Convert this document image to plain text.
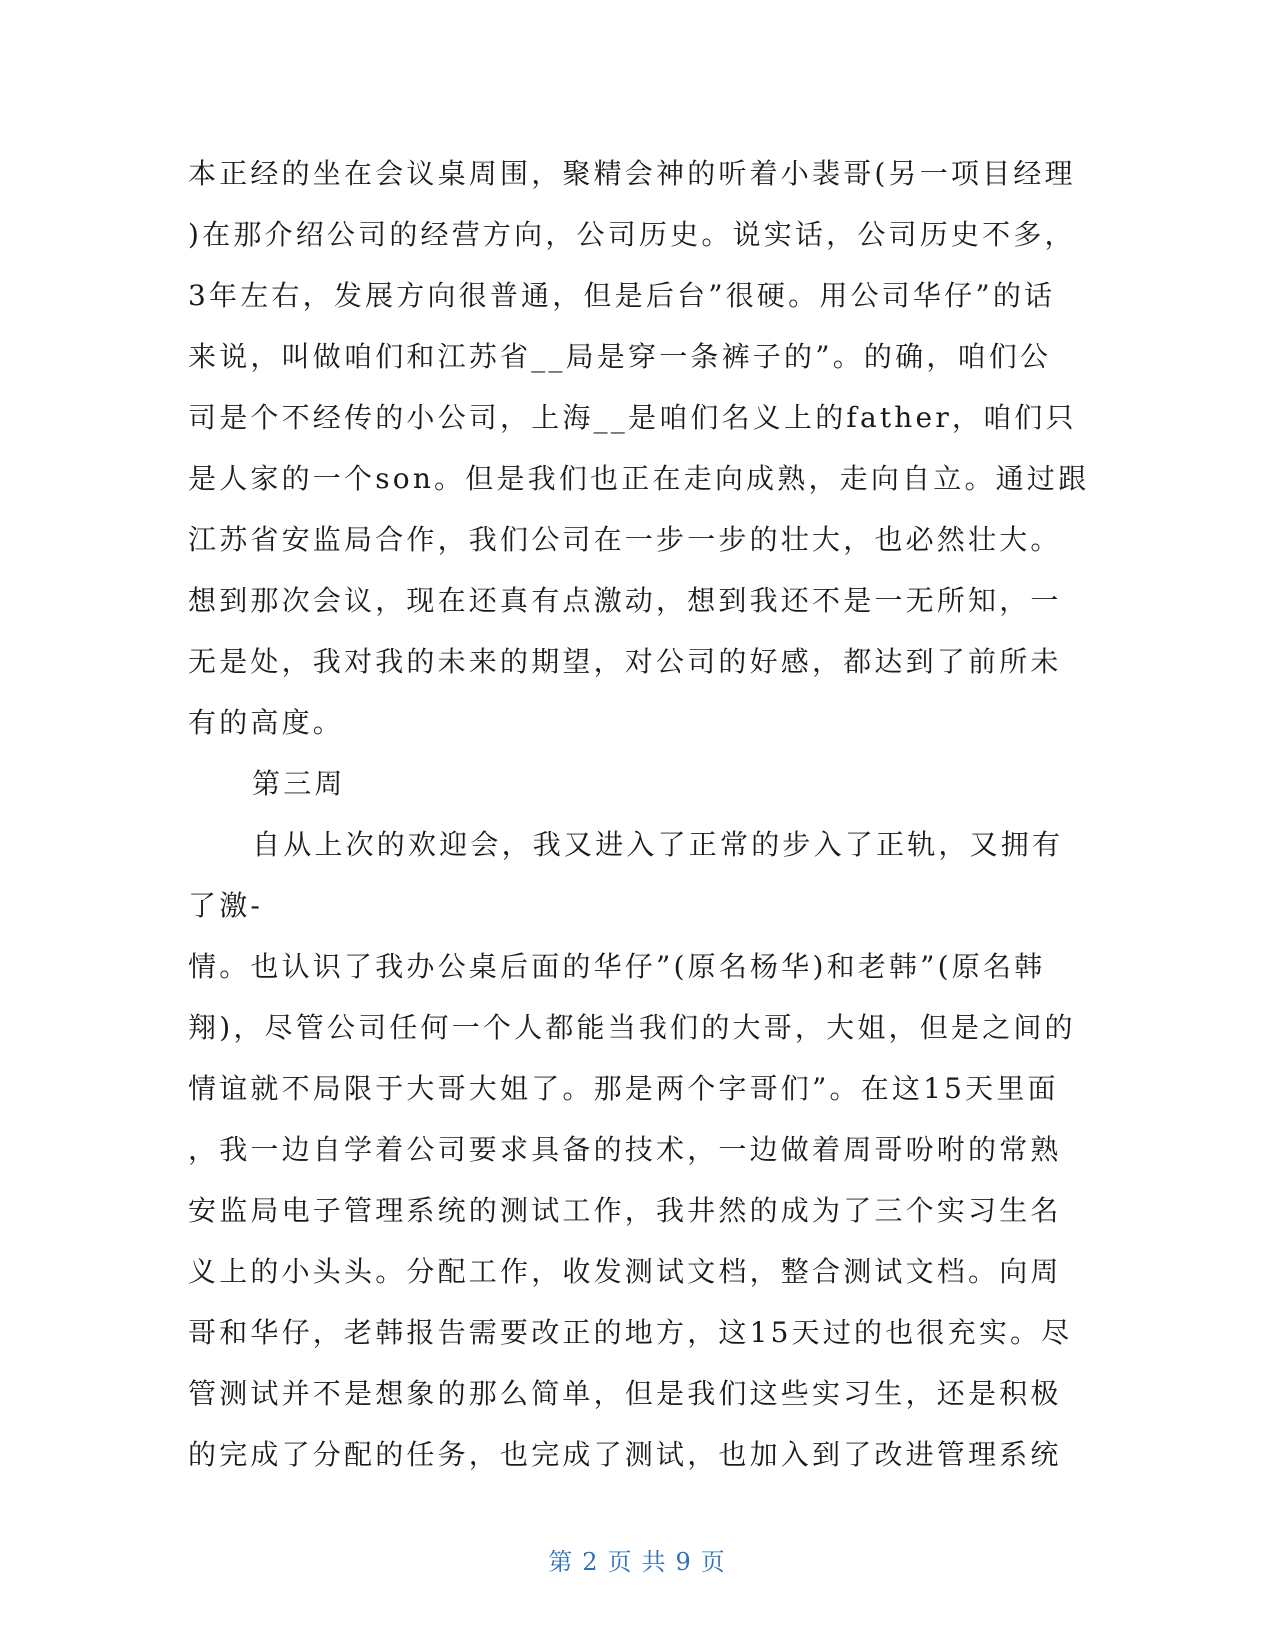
本正经的坐在会议桌周围，聚精会神的听着小裴哥(另一项目经理
)在那介绍公司的经营方向，公司历史。说实话，公司历史不多，
3年左右，发展方向很普通，但是后台”很硬。用公司华仔”的话
来说，叫做咱们和江苏省__局是穿一条裤子的”。的确，咱们公
司是个不经传的小公司，上海__是咱们名义上的father，咱们只
是人家的一个son。但是我们也正在走向成熟，走向自立。通过跟
江苏省安监局合作，我们公司在一步一步的壮大，也必然壮大。
想到那次会议，现在还真有点激动，想到我还不是一无所知，一
无是处，我对我的未来的期望，对公司的好感，都达到了前所未
有的高度。
第三周
自从上次的欢迎会，我又进入了正常的步入了正轨，又拥有
了激-
情。也认识了我办公桌后面的华仔”(原名杨华)和老韩”(原名韩
翔)，尽管公司任何一个人都能当我们的大哥，大姐，但是之间的
情谊就不局限于大哥大姐了。那是两个字哥们”。在这15天里面
，我一边自学着公司要求具备的技术，一边做着周哥吩咐的常熟
安监局电子管理系统的测试工作，我井然的成为了三个实习生名
义上的小头头。分配工作，收发测试文档，整合测试文档。向周
哥和华仔，老韩报告需要改正的地方，这15天过的也很充实。尽
管测试并不是想象的那么简单，但是我们这些实习生，还是积极
的完成了分配的任务，也完成了测试，也加入到了改进管理系统
第 2 页 共 9 页
